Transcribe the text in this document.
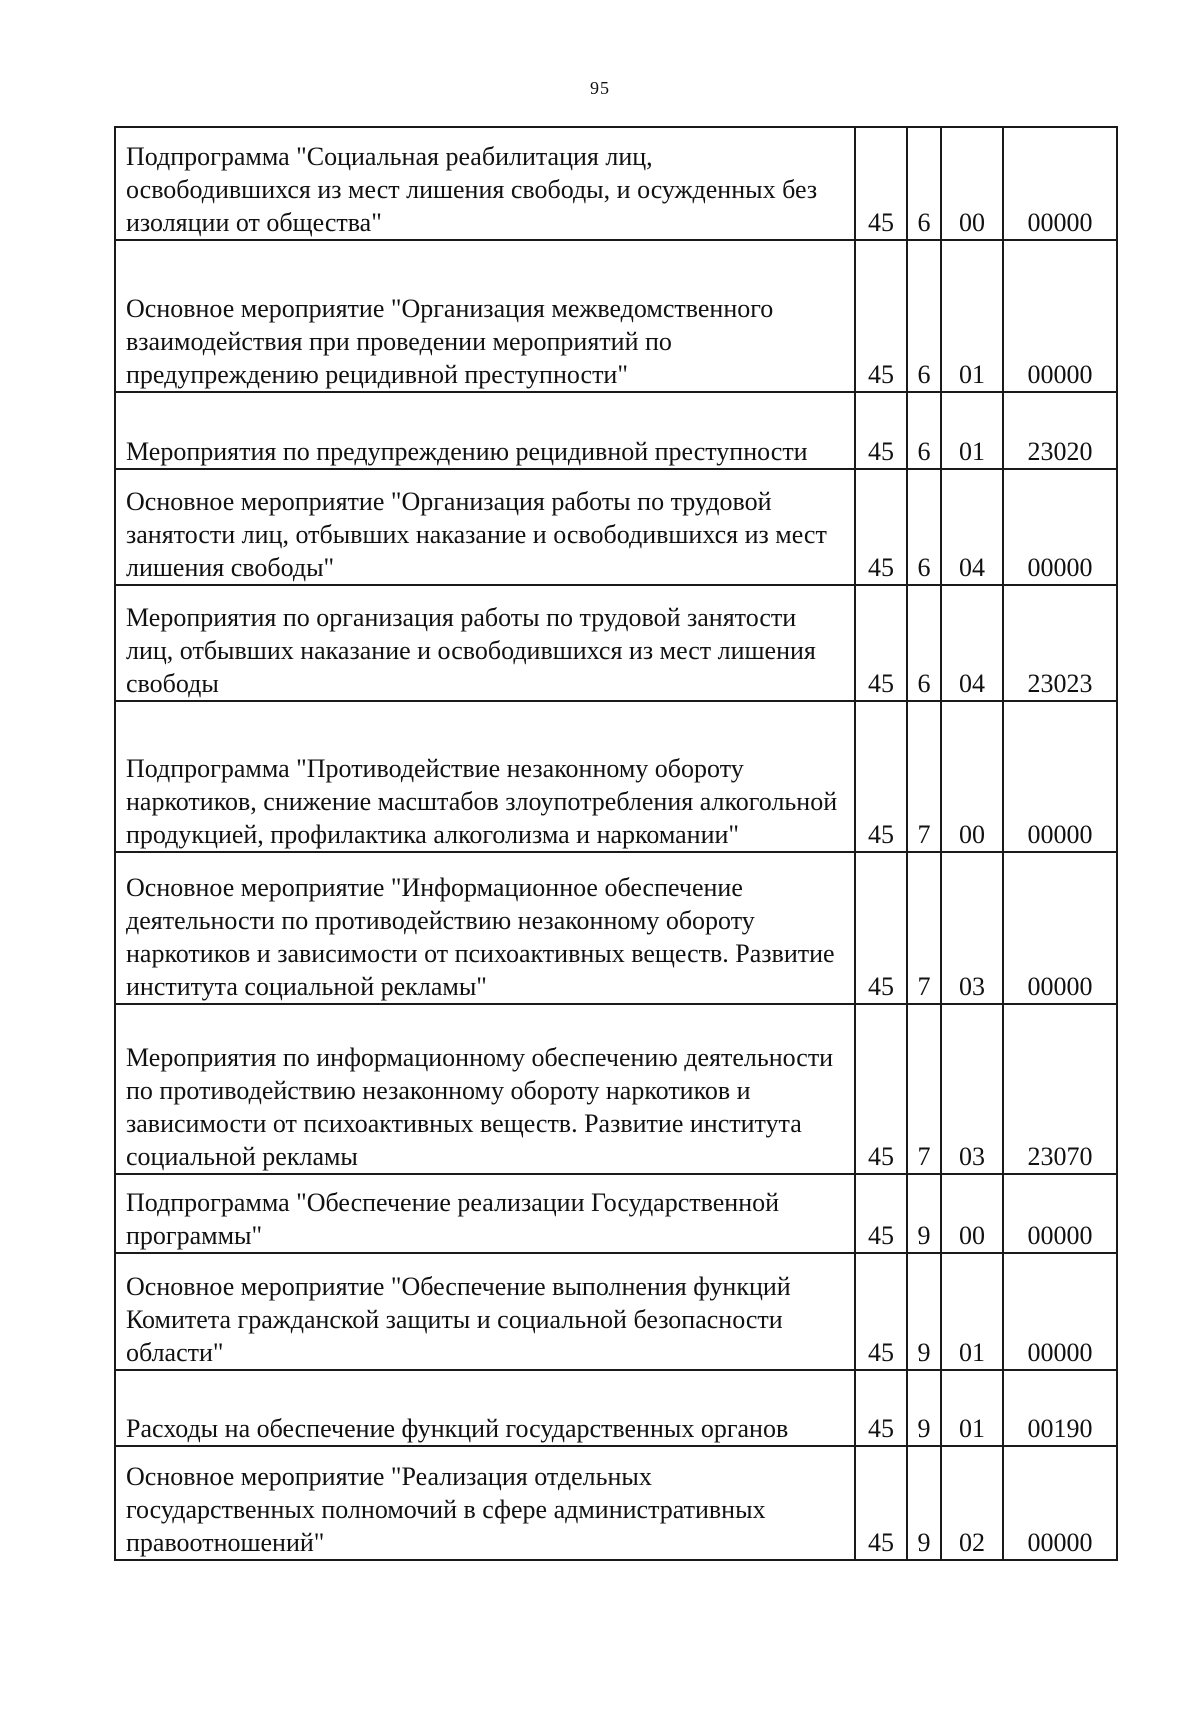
95
Подпрограмма "Социальная реабилитация лиц, освободившихся из мест лишения свободы, и осужденных без изоляции от общества"	45	6	00	00000
Основное мероприятие "Организация межведомственного взаимодействия при проведении мероприятий по предупреждению рецидивной преступности"	45	6	01	00000
Мероприятия по предупреждению рецидивной преступности	45	6	01	23020
Основное мероприятие "Организация работы по трудовой занятости лиц, отбывших наказание и освободившихся из мест лишения свободы"	45	6	04	00000
Мероприятия по организация работы по трудовой занятости лиц, отбывших наказание и освободившихся из мест лишения свободы	45	6	04	23023
Подпрограмма "Противодействие незаконному обороту наркотиков, снижение масштабов злоупотребления алкогольной продукцией, профилактика алкоголизма и наркомании"	45	7	00	00000
Основное мероприятие "Информационное обеспечение деятельности по противодействию незаконному обороту наркотиков и зависимости от психоактивных веществ. Развитие института социальной рекламы"	45	7	03	00000
Мероприятия по информационному обеспечению деятельности по противодействию незаконному обороту наркотиков и зависимости от психоактивных веществ. Развитие института социальной рекламы	45	7	03	23070
Подпрограмма "Обеспечение реализации Государственной программы"	45	9	00	00000
Основное мероприятие "Обеспечение выполнения функций Комитета гражданской защиты и социальной безопасности области"	45	9	01	00000
Расходы на обеспечение функций государственных органов	45	9	01	00190
Основное мероприятие "Реализация отдельных государственных полномочий в сфере административных правоотношений"	45	9	02	00000
